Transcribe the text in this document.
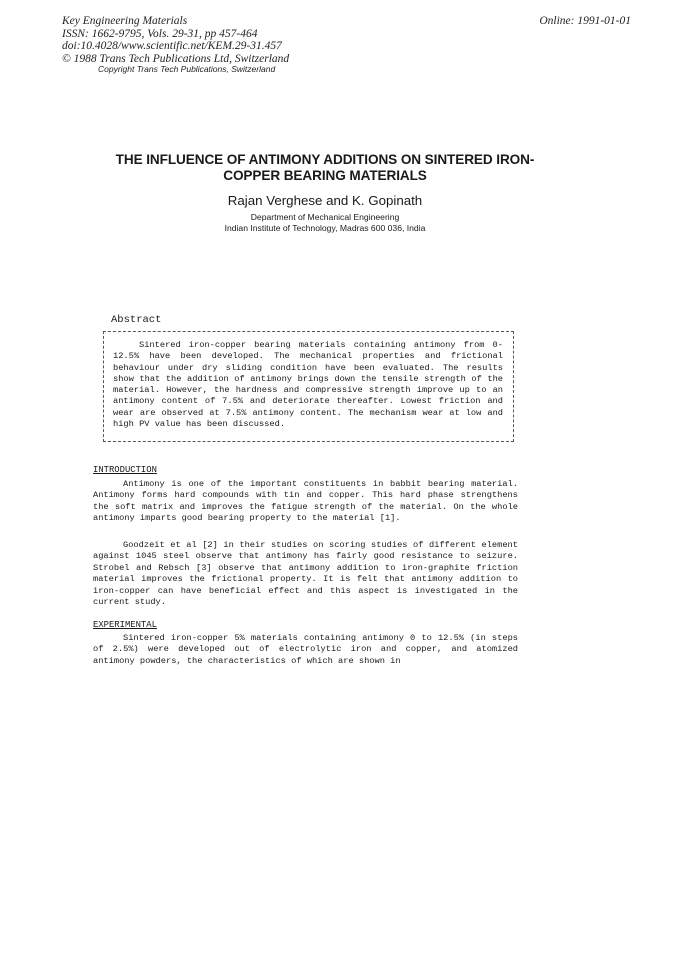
Key Engineering Materials
ISSN: 1662-9795, Vols. 29-31, pp 457-464
doi:10.4028/www.scientific.net/KEM.29-31.457
© 1988 Trans Tech Publications Ltd, Switzerland
Online: 1991-01-01
Copyright Trans Tech Publications, Switzerland
THE INFLUENCE OF ANTIMONY ADDITIONS ON SINTERED IRON-
COPPER BEARING MATERIALS
Rajan Verghese and K. Gopinath
Department of Mechanical Engineering
Indian Institute of Technology, Madras 600 036, India
Abstract
Sintered iron-copper bearing materials containing antimony from 0-12.5% have been developed. The mechanical properties and frictional behaviour under dry sliding condition have been evaluated. The results show that the addition of antimony brings down the tensile strength of the material. However, the hardness and compressive strength improve up to an antimony content of 7.5% and deteriorate thereafter. Lowest friction and wear are observed at 7.5% antimony content. The mechanism wear at low and high PV value has been discussed.
INTRODUCTION

Antimony is one of the important constituents in babbit bearing material. Antimony forms hard compounds with tin and copper. This hard phase strengthens the soft matrix and improves the fatigue strength of the material. On the whole antimony imparts good bearing property to the material [1].

Goodzeit et al [2] in their studies on scoring studies of different element against 1045 steel observe that antimony has fairly good resistance to seizure. Strobel and Rebsch [3] observe that antimony addition to iron-graphite friction material improves the frictional property. It is felt that antimony addition to iron-copper can have beneficial effect and this aspect is investigated in the current study.

EXPERIMENTAL

Sintered iron-copper 5% materials containing antimony 0 to 12.5% (in steps of 2.5%) were developed out of electrolytic iron and copper, and atomized antimony powders, the characteristics of which are shown in
